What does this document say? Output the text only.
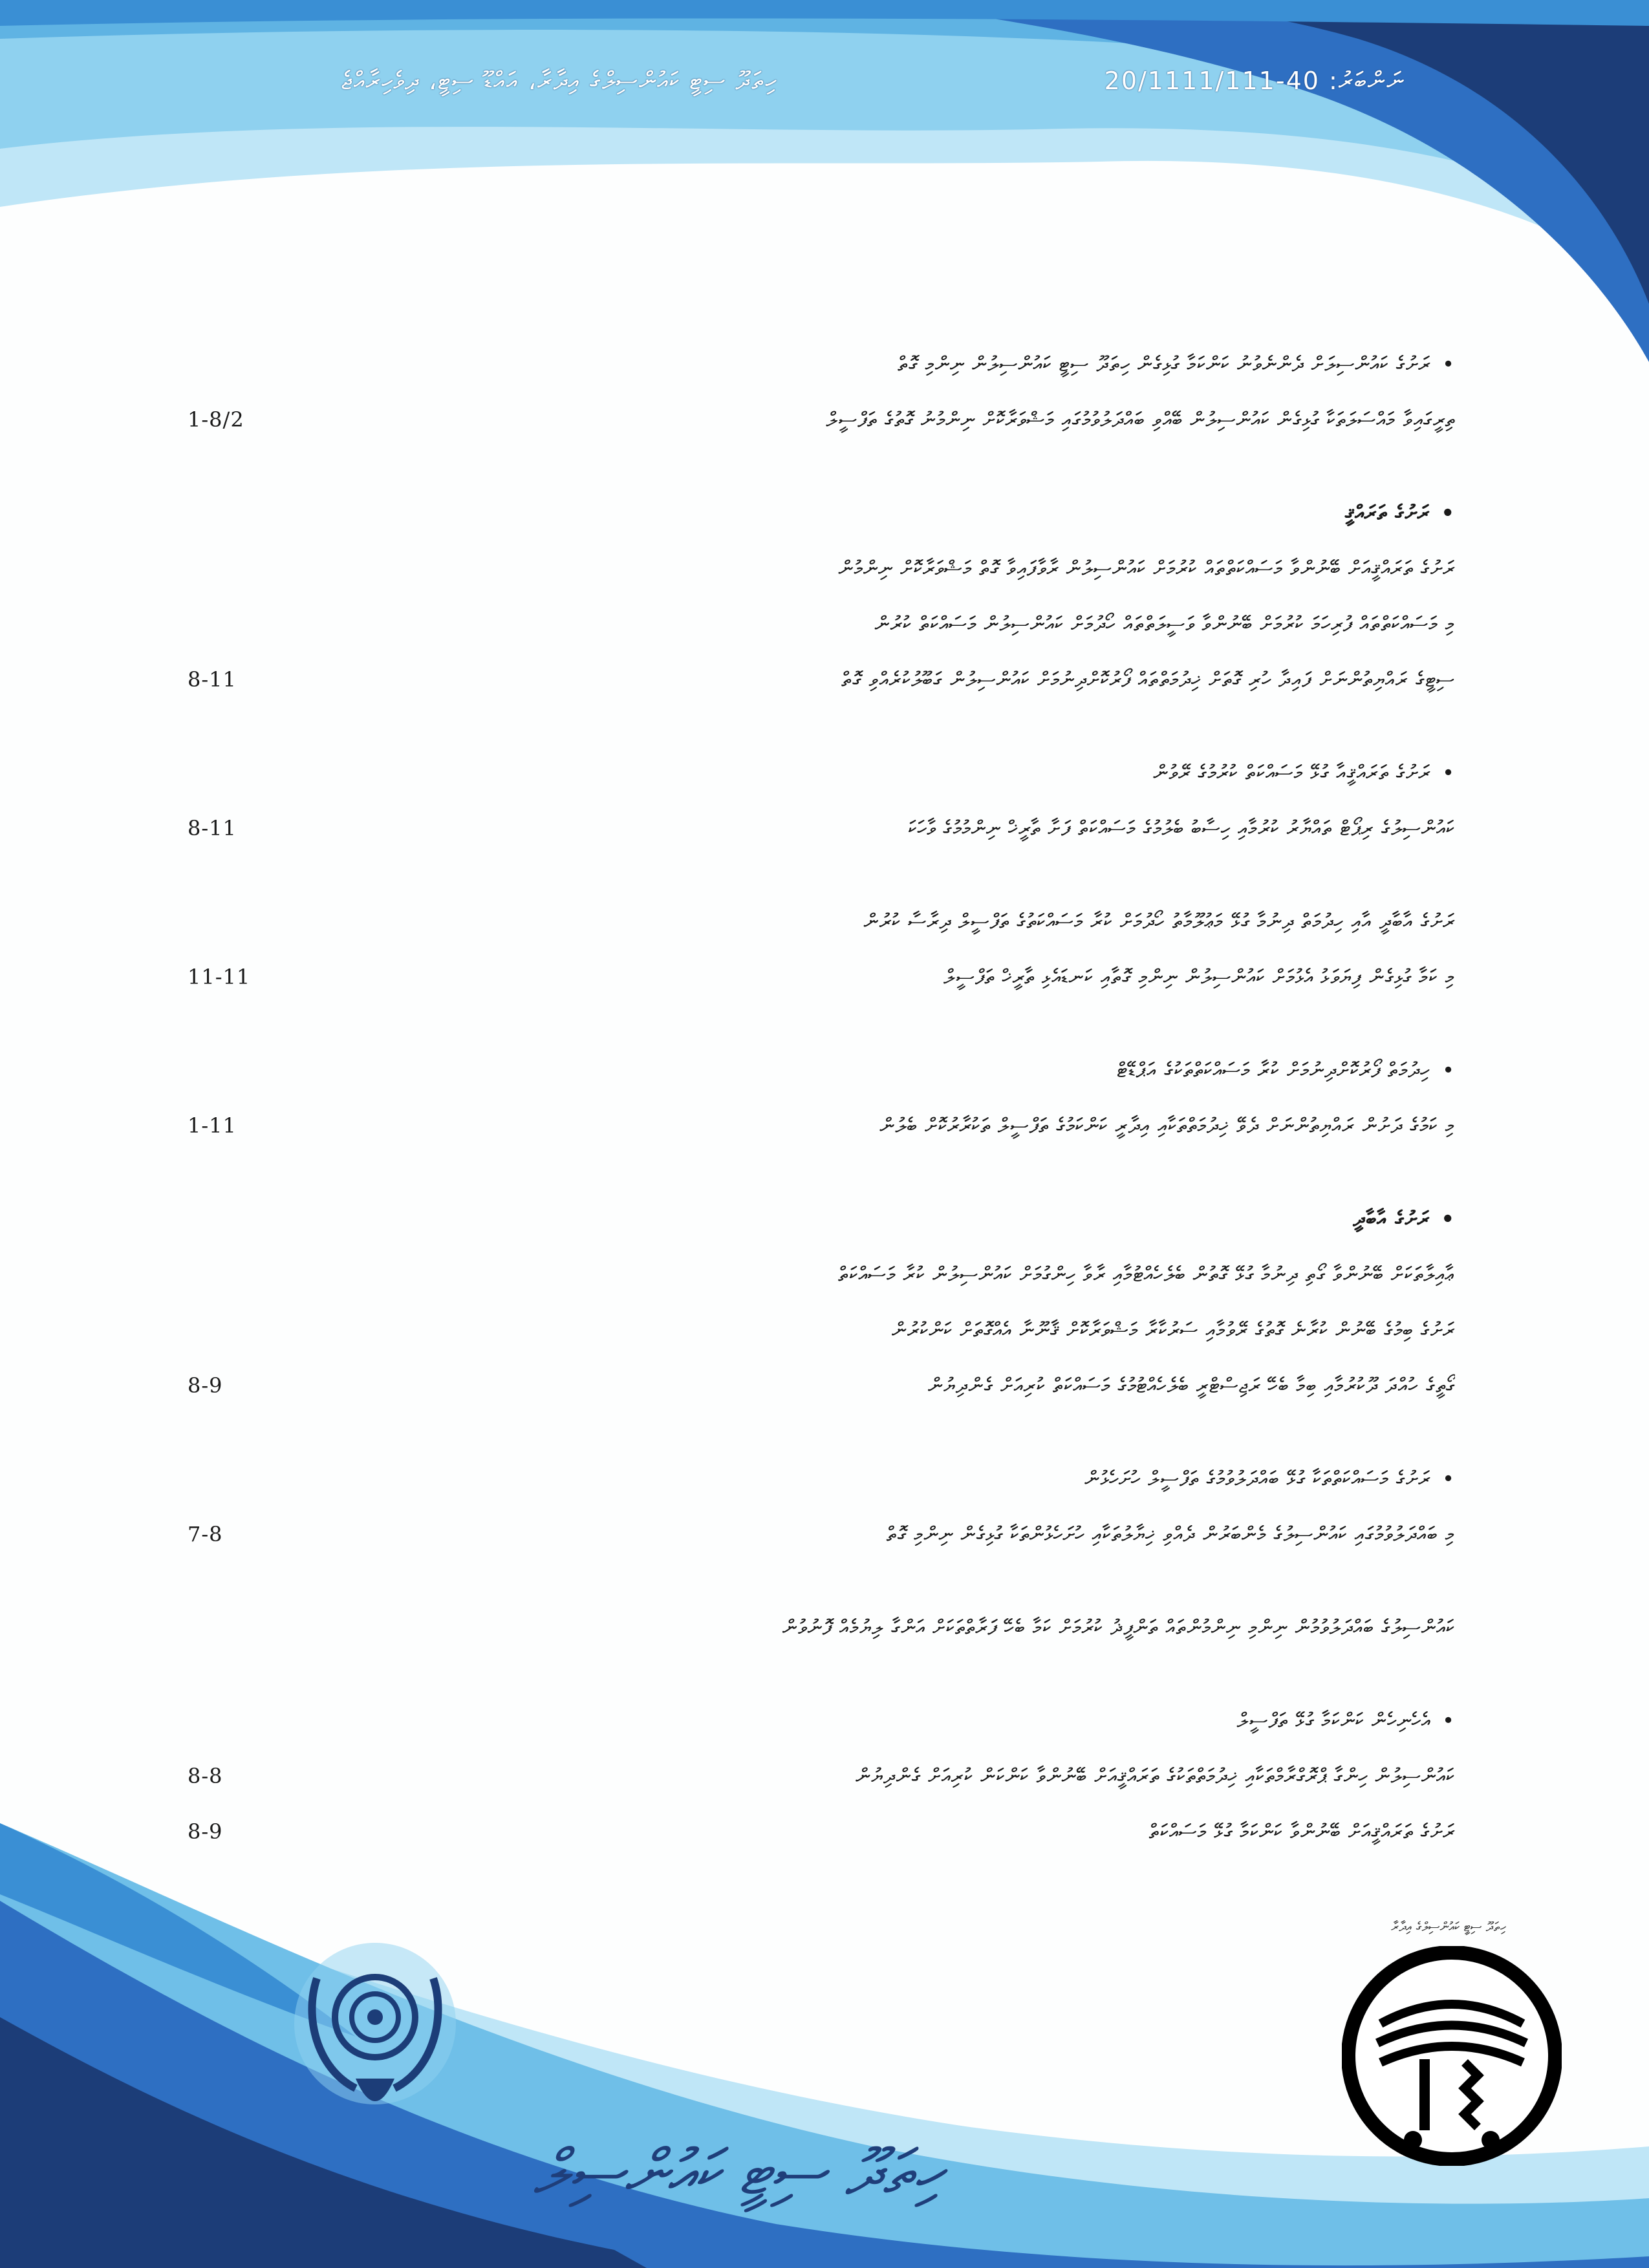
ހިތަދޫ ސިޓީ ކައުންސިލްގެ އިދާރާ، އައްޑޫ ސިޓީ، ދިވެހިރާއްޖެ	ނަންބަރު: 40-20/1111/111
•ރަށުގެ ކައުންސިލަށް ދެންނެވުނު ކަންކަމާ ގުޅިގެން ހިތަދޫ ސިޓީ ކައުންސިލުން ނިންމި ގޮތް
1-8/2	ތިރީގައިވާ މައްސަލަތަކާ ގުޅިގެން ކައުންސިލުން ބޭއްވި ބައްދަލުވުމުގައި މަޝްވަރާކޮށް ނިންމުނު ގޮތުގެ ތަފްސީލް
•ރަށުގެ ތަރައްޤީ
ރަށުގެ ތަރައްޤީއަށް ބޭނުންވާ މަސައްކަތްތައް ކުރުމަށް ކައުންސިލުން ރާވާފައިވާ ގޮތް މަޝްވަރާކޮށް ނިންމުން
މި މަސައްކަތްތައް ފުރިހަމަ ކުރުމަށް ބޭނުންވާ ވަސީލަތްތައް ހޯދުމަށް ކައުންސިލުން މަސައްކަތް ކުރުން
8-11	ސިޓީގެ ރައްޔިތުންނަށް ފައިދާ ހުރި ގޮތަށް ޚިދުމަތްތައް ފޯރުކޮށްދިނުމަށް ކައުންސިލުން ގަބޫލުކުރެއްވި ގޮތް
•ރަށުގެ ތަރައްޤީއާ ގުޅޭ މަސައްކަތް ކުރުމުގެ ރޭވުން
8-11	ކައުންސިލުގެ ރިޕޯޓް ތައްޔާރު ކުރުމާއި ހިސާބު ބެލުމުގެ މަސައްކަތް ފަށާ ތާރީޚް ނިންމުމުގެ ވާހަކަ
ރަށުގެ އާބާދީ އާއި ހިދުމަތް ދިނުމާ ގުޅޭ މަޢުލޫމާތު ހޯދުމަށް ކުރާ މަސައްކަތުގެ ތަފްސީލް ދިރާސާ ކުރުން
11-11	މި ކަމާ ގުޅިގެން ފިޔަވަޅު އެޅުމަށް ކައުންސިލުން ނިންމި ގޮތާއި ކަނޑައެޅި ތާރީޚް ތަފްސީލް
•ހިދުމަތް ފޯރުކޮށްދިނުމަށް ކުރާ މަސައްކަތްތަކުގެ އަޕްޑޭޓް
1-11	މި ކަމުގެ ދަށުން ރައްޔިތުންނަށް ދެވޭ ޚިދުމަތްތަކާއި އިދާރީ ކަންކަމުގެ ތަފްސީލް ތަކުރާރުކޮށް ބެލުން
•ރަށުގެ އާބާދީ
ޢާއިލާތަކަށް ބޭނުންވާ ގޯތި ދިނުމާ ގުޅޭ ގޮތުން ބެލެހެއްޓުމާއި ރާވާ ހިންގުމަށް ކައުންސިލުން ކުރާ މަސައްކަތް
ރަށުގެ ބިމުގެ ބޭނުން ކުރާނެ ގޮތުގެ ރޭވުމާއި ސަރުކާރާ މަޝްވަރާކޮށް ޤާނޫނާ އެއްގޮތަށް ކަންކުރުން
8-9	ގޯތީގެ ހުއްދަ ދޫކުރުމާއި ބިމާ ބެހޭ ރަޖިސްޓްރީ ބެލެހެއްޓުމުގެ މަސައްކަތް ކުރިއަށް ގެންދިޔުން
•ރަށުގެ މަސައްކަތްތަކާ ގުޅޭ ބައްދަލުވުމުގެ ތަފްސީލް ހުށަހެޅުން
7-8	މި ބައްދަލުވުމުގައި ކައުންސިލުގެ މެންބަރުން ދެއްވި ޚިޔާލުތަކާއި ހުށަހެޅުންތަކާ ގުޅިގެން ނިންމި ގޮތް
ކައުންސިލުގެ ބައްދަލުވުމުން ނިންމި ނިންމުންތައް ތަންފީޛު ކުރުމަށް ކަމާ ބެހޭ ފަރާތްތަކަށް އަންގާ ލިޔުމެއް ފޮނުވުން
•އެހެނިހެން ކަންކަމާ ގުޅޭ ތަފްސީލް
8-8	ކައުންސިލުން ހިންގާ ޕްރޮގްރާމްތަކާއި ޚިދުމަތްތަކުގެ ތަރައްޤީއަށް ބޭނުންވާ ކަންކަން ކުރިއަށް ގެންދިޔުން
8-9	ރަށުގެ ތަރައްޤީއަށް ބޭނުންވާ ކަންކަމާ ގުޅޭ މަސައްކަތް
ހިތަދޫ ސިޓީ ކައުންސިލް
ހިތަދޫ ސިޓީ ކައުންސިލްގެ އިދާރާ
